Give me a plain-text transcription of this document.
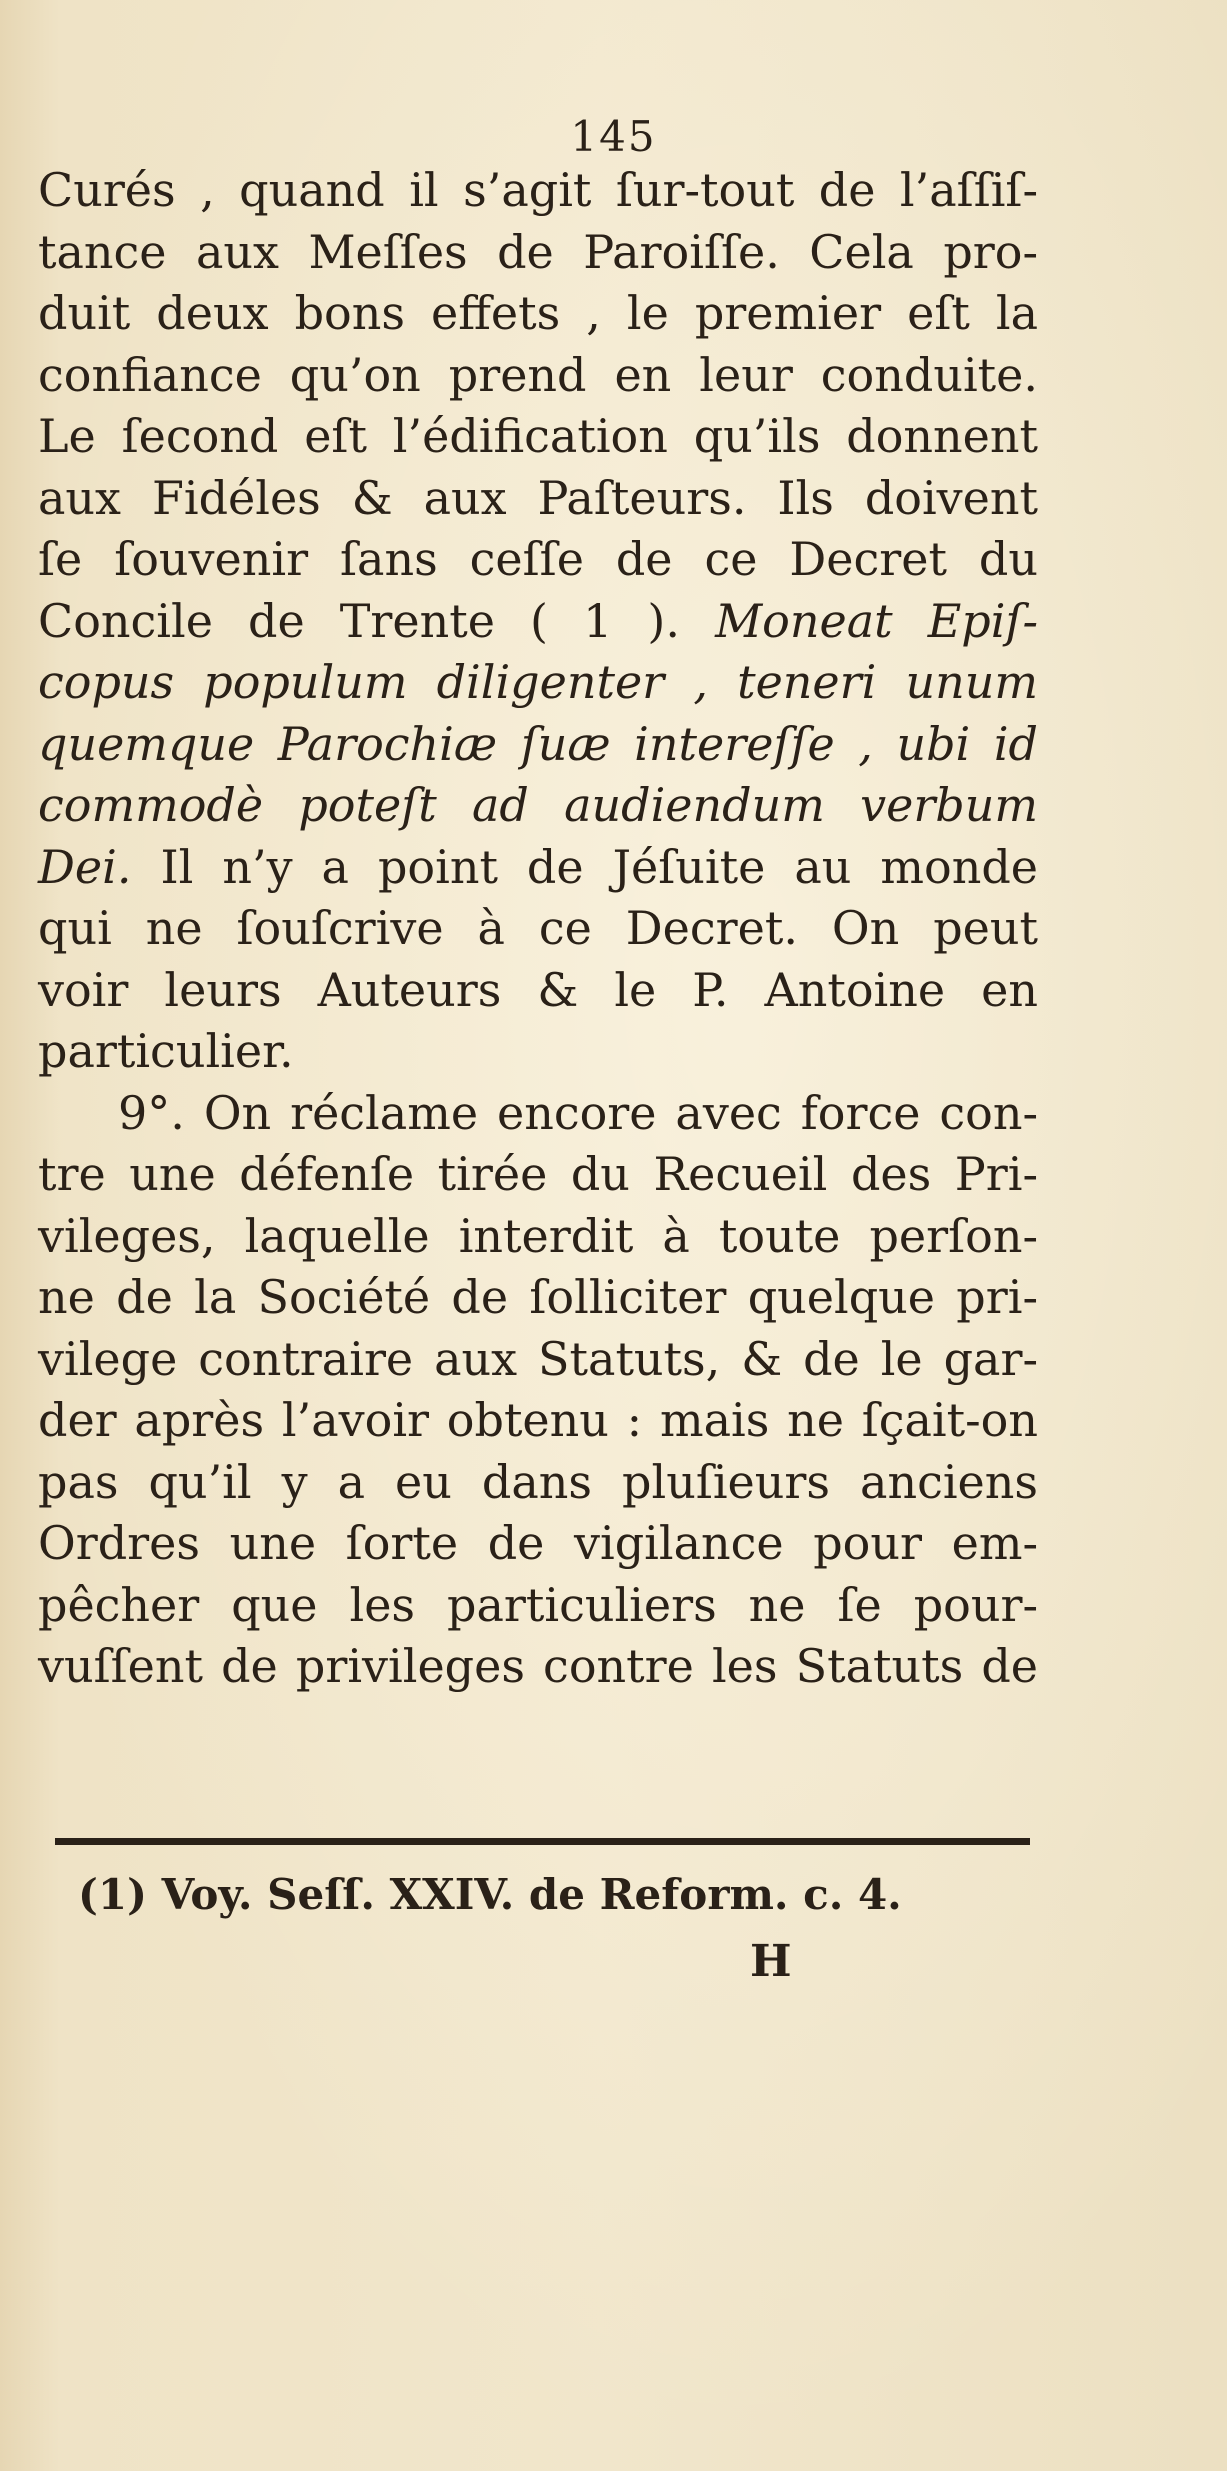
145
Curés , quand il s’agit ſur-tout de l’aſſiſ-
tance aux Meſſes de Paroiſſe. Cela pro-
duit deux bons effets , le premier eſt la
confiance qu’on prend en leur conduite.
Le ſecond eſt l’édification qu’ils donnent
aux Fidéles & aux Paſteurs. Ils doivent
ſe ſouvenir ſans ceſſe de ce Decret du
Concile de Trente ( 1 ). Moneat Epiſ-
copus populum diligenter , teneri unum
quemque Parochiæ ſuæ intereſſe , ubi id
commodè poteſt ad audiendum verbum
Dei. Il n’y a point de Jéſuite au monde
qui ne ſouſcrive à ce Decret. On peut
voir leurs Auteurs & le P. Antoine en
particulier.
9°. On réclame encore avec force con-
tre une défenſe tirée du Recueil des Pri-
vileges, laquelle interdit à toute perſon-
ne de la Société de ſolliciter quelque pri-
vilege contraire aux Statuts, & de le gar-
der après l’avoir obtenu : mais ne ſçait-on
pas qu’il y a eu dans pluſieurs anciens
Ordres une ſorte de vigilance pour em-
pêcher que les particuliers ne ſe pour-
vuſſent de privileges contre les Statuts de
(1) Voy. Seſſ. XXIV. de Reform. c. 4.
H
